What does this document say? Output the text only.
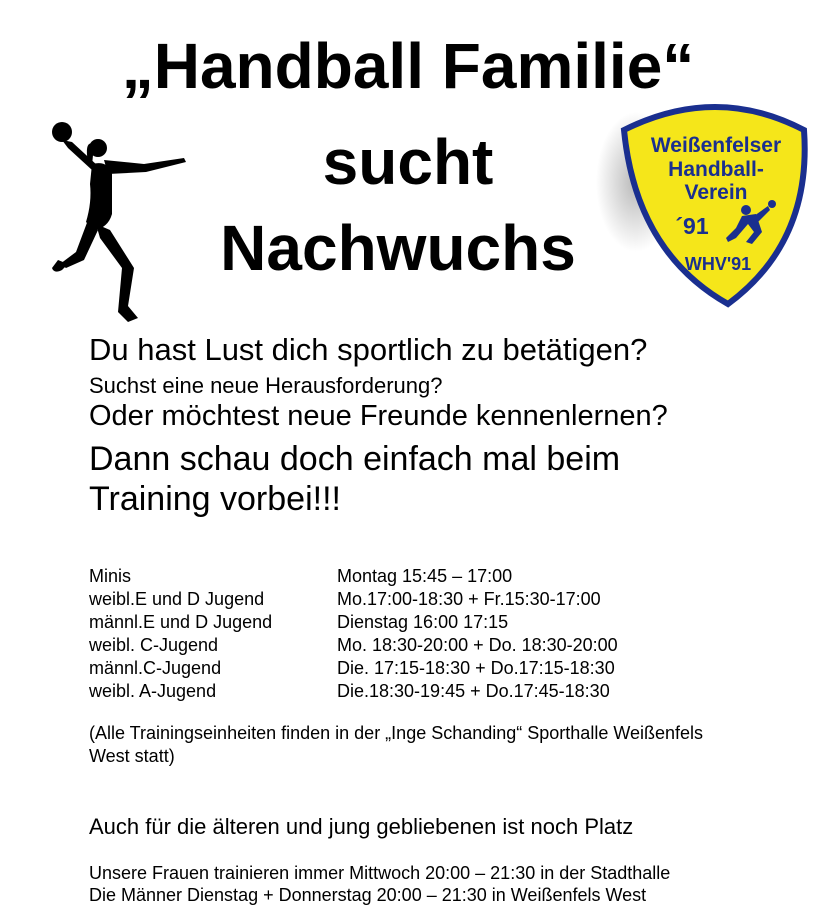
„Handball Familie“
sucht
Nachwuchs
Weißenfelser
Handball-
Verein
´91
WHV'91

Du hast Lust dich sportlich zu betätigen?

Suchst eine neue Herausforderung?

Oder möchtest neue Freunde kennenlernen?

Dann schau doch einfach mal beim

Training vorbei!!!

Minis	Montag 15:45 – 17:00
weibl.E und D Jugend	Mo.17:00-18:30 + Fr.15:30-17:00
männl.E und D Jugend	Dienstag 16:00 17:15
weibl. C-Jugend	Mo. 18:30-20:00 + Do. 18:30-20:00
männl.C-Jugend	Die. 17:15-18:30 + Do.17:15-18:30
weibl. A-Jugend	Die.18:30-19:45 + Do.17:45-18:30

(Alle Trainingseinheiten finden in der „Inge Schanding“ Sporthalle Weißenfels West statt)

Auch für die älteren und jung gebliebenen ist noch Platz

Unsere Frauen trainieren immer Mittwoch 20:00 – 21:30 in der Stadthalle
Die Männer Dienstag + Donnerstag 20:00 – 21:30 in Weißenfels West
